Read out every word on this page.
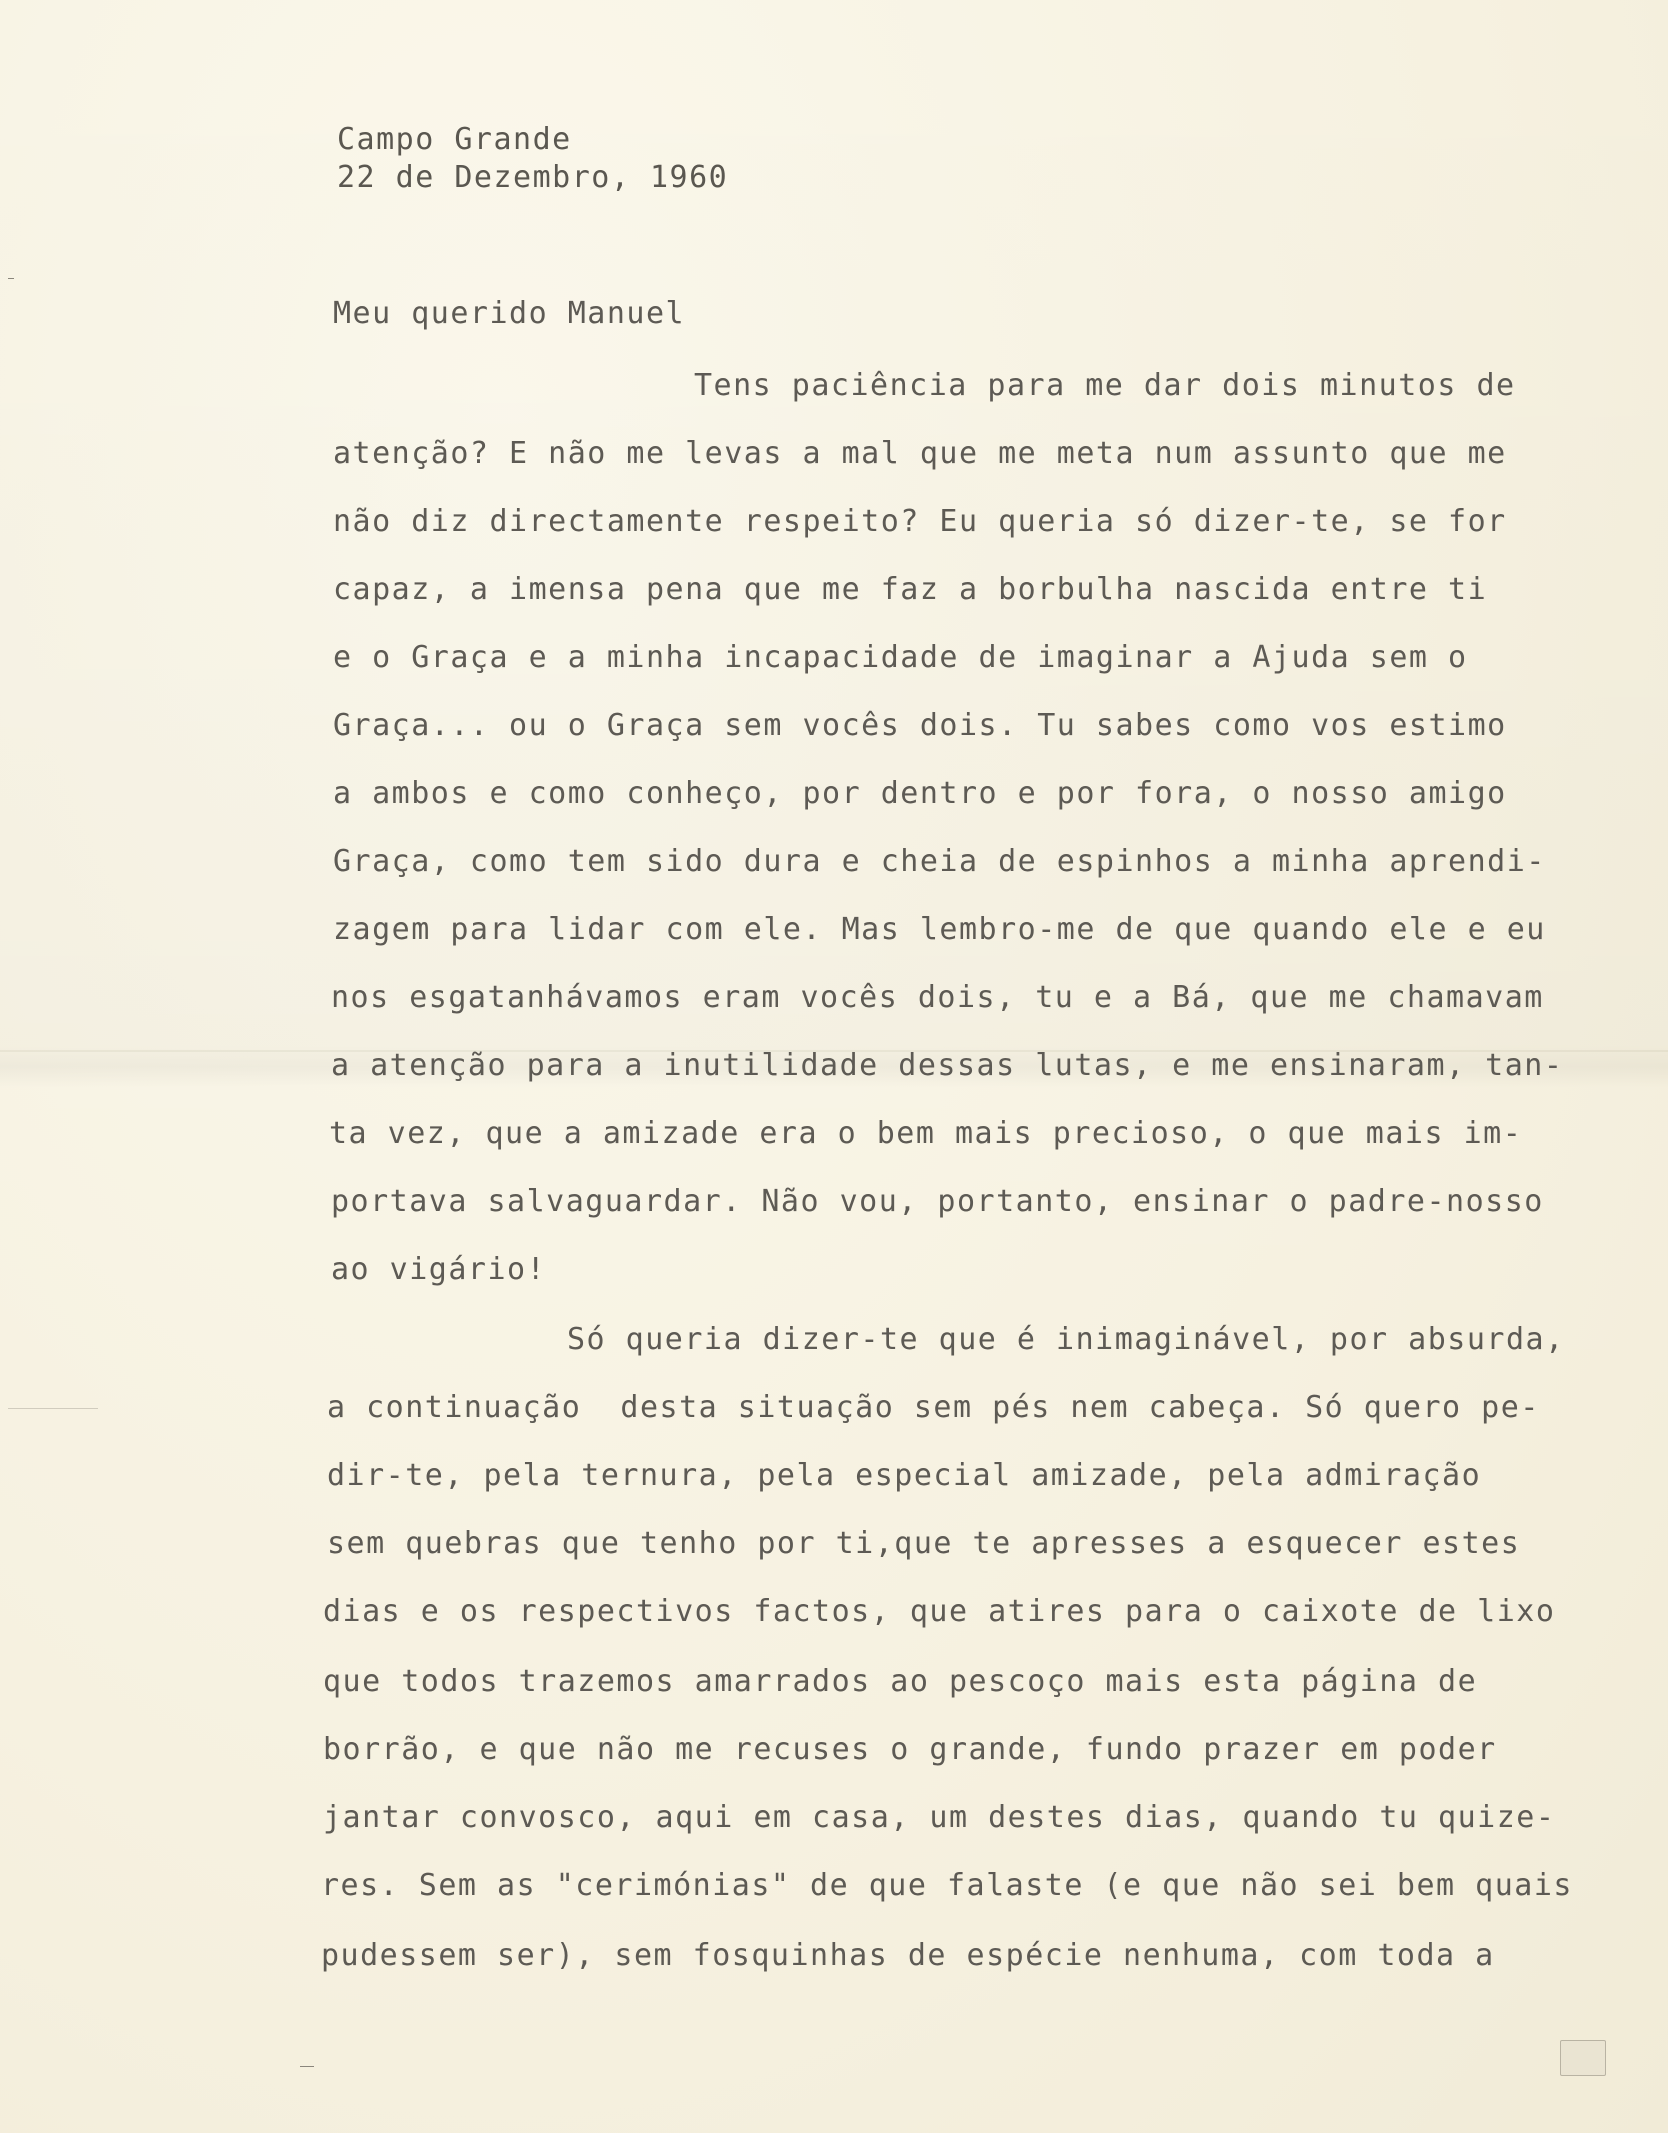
Campo Grande
22 de Dezembro, 1960
Meu querido Manuel
Tens paciência para me dar dois minutos de
atenção? E não me levas a mal que me meta num assunto que me
não diz directamente respeito? Eu queria só dizer-te, se for
capaz, a imensa pena que me faz a borbulha nascida entre ti
e o Graça e a minha incapacidade de imaginar a Ajuda sem o
Graça... ou o Graça sem vocês dois. Tu sabes como vos estimo
a ambos e como conheço, por dentro e por fora, o nosso amigo
Graça, como tem sido dura e cheia de espinhos a minha aprendi-
zagem para lidar com ele. Mas lembro-me de que quando ele e eu
nos esgatanhávamos eram vocês dois, tu e a Bá, que me chamavam
a atenção para a inutilidade dessas lutas, e me ensinaram, tan-
ta vez, que a amizade era o bem mais precioso, o que mais im-
portava salvaguardar. Não vou, portanto, ensinar o padre-nosso
ao vigário!
Só queria dizer-te que é inimaginável, por absurda,
a continuação  desta situação sem pés nem cabeça. Só quero pe-
dir-te, pela ternura, pela especial amizade, pela admiração
sem quebras que tenho por ti,que te apresses a esquecer estes
dias e os respectivos factos, que atires para o caixote de lixo
que todos trazemos amarrados ao pescoço mais esta página de
borrão, e que não me recuses o grande, fundo prazer em poder
jantar convosco, aqui em casa, um destes dias, quando tu quize-
res. Sem as "cerimónias" de que falaste (e que não sei bem quais
pudessem ser), sem fosquinhas de espécie nenhuma, com toda a
